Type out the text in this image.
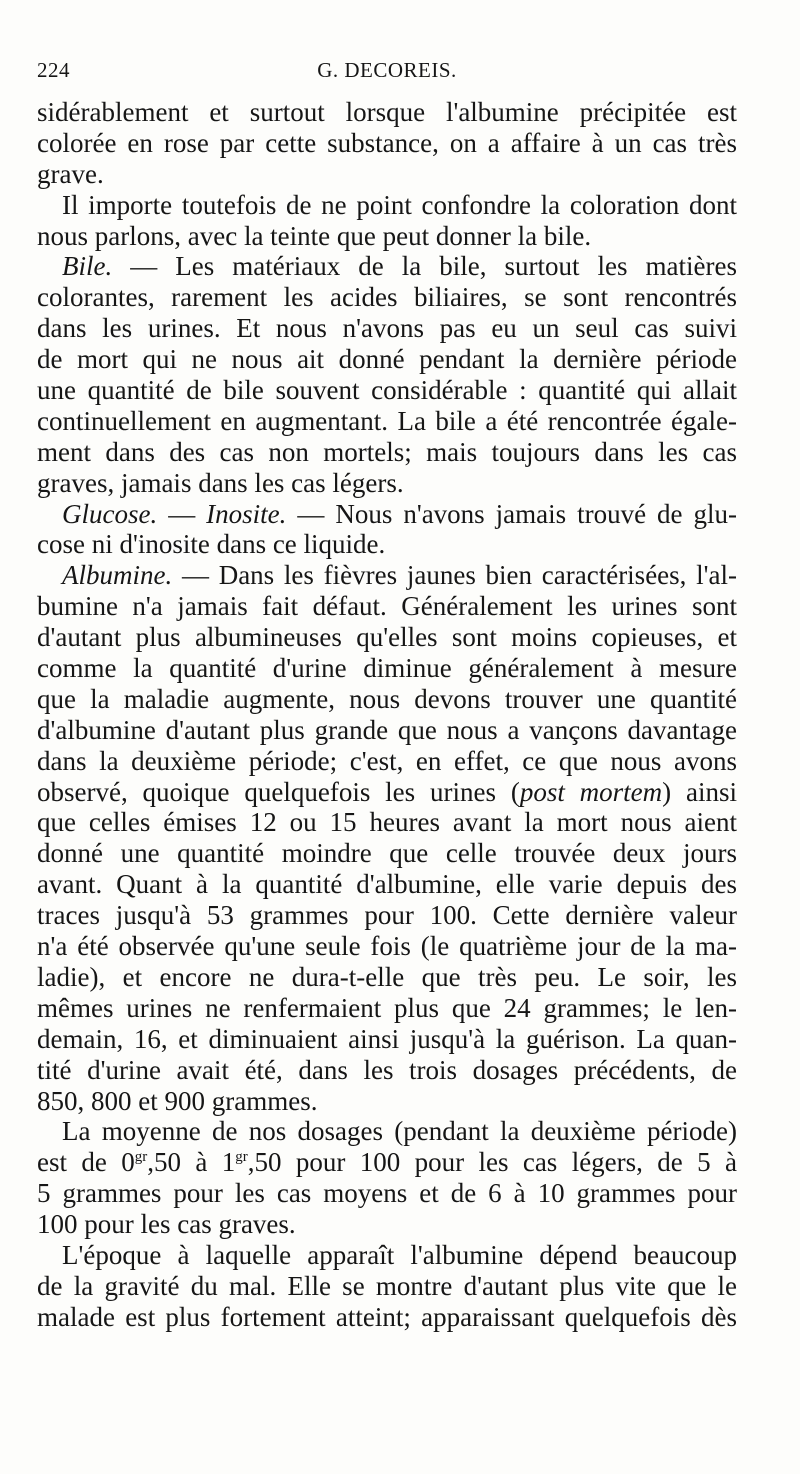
224	G. DECOREIS.
sidérablement et surtout lorsque l'albumine précipitée est
colorée en rose par cette substance, on a affaire à un cas très
grave.
Il importe toutefois de ne point confondre la coloration dont
nous parlons, avec la teinte que peut donner la bile.
Bile. — Les matériaux de la bile, surtout les matières
colorantes, rarement les acides biliaires, se sont rencontrés
dans les urines. Et nous n'avons pas eu un seul cas suivi
de mort qui ne nous ait donné pendant la dernière période
une quantité de bile souvent considérable : quantité qui allait
continuellement en augmentant. La bile a été rencontrée égale-
ment dans des cas non mortels; mais toujours dans les cas
graves, jamais dans les cas légers.
Glucose. — Inosite. — Nous n'avons jamais trouvé de glu-
cose ni d'inosite dans ce liquide.
Albumine. — Dans les fièvres jaunes bien caractérisées, l'al-
bumine n'a jamais fait défaut. Généralement les urines sont
d'autant plus albumineuses qu'elles sont moins copieuses, et
comme la quantité d'urine diminue généralement à mesure
que la maladie augmente, nous devons trouver une quantité
d'albumine d'autant plus grande que nous a vançons davantage
dans la deuxième période; c'est, en effet, ce que nous avons
observé, quoique quelquefois les urines (post mortem) ainsi
que celles émises 12 ou 15 heures avant la mort nous aient
donné une quantité moindre que celle trouvée deux jours
avant. Quant à la quantité d'albumine, elle varie depuis des
traces jusqu'à 53 grammes pour 100. Cette dernière valeur
n'a été observée qu'une seule fois (le quatrième jour de la ma-
ladie), et encore ne dura-t-elle que très peu. Le soir, les
mêmes urines ne renfermaient plus que 24 grammes; le len-
demain, 16, et diminuaient ainsi jusqu'à la guérison. La quan-
tité d'urine avait été, dans les trois dosages précédents, de
850, 800 et 900 grammes.
La moyenne de nos dosages (pendant la deuxième période)
est de $0^{gr},50$ à $1^{gr},50$ pour 100 pour les cas légers, de 5 à
5 grammes pour les cas moyens et de 6 à 10 grammes pour
100 pour les cas graves.
L'époque à laquelle apparaît l'albumine dépend beaucoup
de la gravité du mal. Elle se montre d'autant plus vite que le
malade est plus fortement atteint; apparaissant quelquefois dès
